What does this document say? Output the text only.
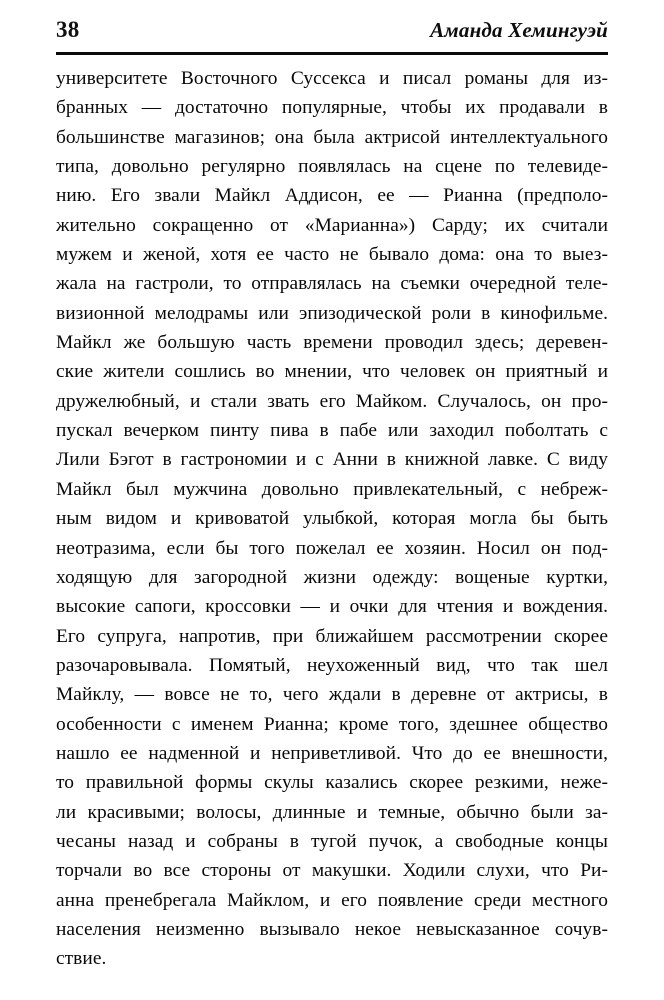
38	Аманда Хемингуэй

университете Восточного Суссекса и писал романы для из-
бранных — достаточно популярные, чтобы их продавали в
большинстве магазинов; она была актрисой интеллектуального
типа, довольно регулярно появлялась на сцене по телевиде-
нию. Его звали Майкл Аддисон, ее — Рианна (предполо-
жительно сокращенно от «Марианна») Сарду; их считали
мужем и женой, хотя ее часто не бывало дома: она то выез-
жала на гастроли, то отправлялась на съемки очередной теле-
визионной мелодрамы или эпизодической роли в кинофильме.
Майкл же большую часть времени проводил здесь; деревен-
ские жители сошлись во мнении, что человек он приятный и
дружелюбный, и стали звать его Майком. Случалось, он про-
пускал вечерком пинту пива в пабе или заходил поболтать с
Лили Бэгот в гастрономии и с Анни в книжной лавке. С виду
Майкл был мужчина довольно привлекательный, с небреж-
ным видом и кривоватой улыбкой, которая могла бы быть
неотразима, если бы того пожелал ее хозяин. Носил он под-
ходящую для загородной жизни одежду: вощеные куртки,
высокие сапоги, кроссовки — и очки для чтения и вождения.
Его супруга, напротив, при ближайшем рассмотрении скорее
разочаровывала. Помятый, неухоженный вид, что так шел
Майклу, — вовсе не то, чего ждали в деревне от актрисы, в
особенности с именем Рианна; кроме того, здешнее общество
нашло ее надменной и неприветливой. Что до ее внешности,
то правильной формы скулы казались скорее резкими, неже-
ли красивыми; волосы, длинные и темные, обычно были за-
чесаны назад и собраны в тугой пучок, а свободные концы
торчали во все стороны от макушки. Ходили слухи, что Ри-
анна пренебрегала Майклом, и его появление среди местного
населения неизменно вызывало некое невысказанное сочув-
ствие.
